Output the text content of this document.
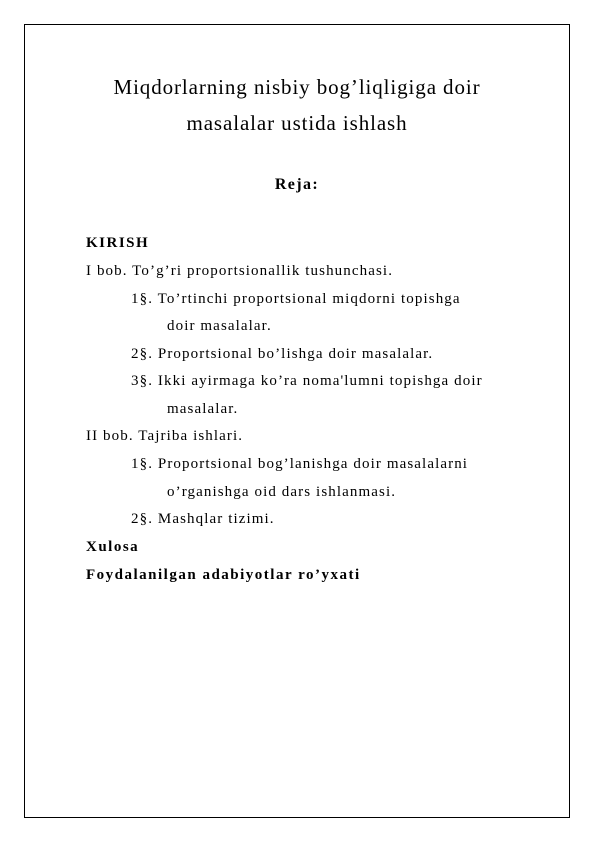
Miqdorlarning nisbiy bog’liqligiga doir
masalalar ustida ishlash
Reja:
KIRISH
I bob. To’g’ri proportsionallik tushunchasi.
1§. To’rtinchi proportsional miqdorni topishga
doir masalalar.
2§. Proportsional bo’lishga doir masalalar.
3§. Ikki ayirmaga ko’ra noma'lumni topishga doir
masalalar.
II bob. Tajriba ishlari.
1§. Proportsional bog’lanishga doir masalalarni
o’rganishga oid dars ishlanmasi.
2§. Mashqlar tizimi.
Xulosa
Foydalanilgan adabiyotlar ro’yxati
